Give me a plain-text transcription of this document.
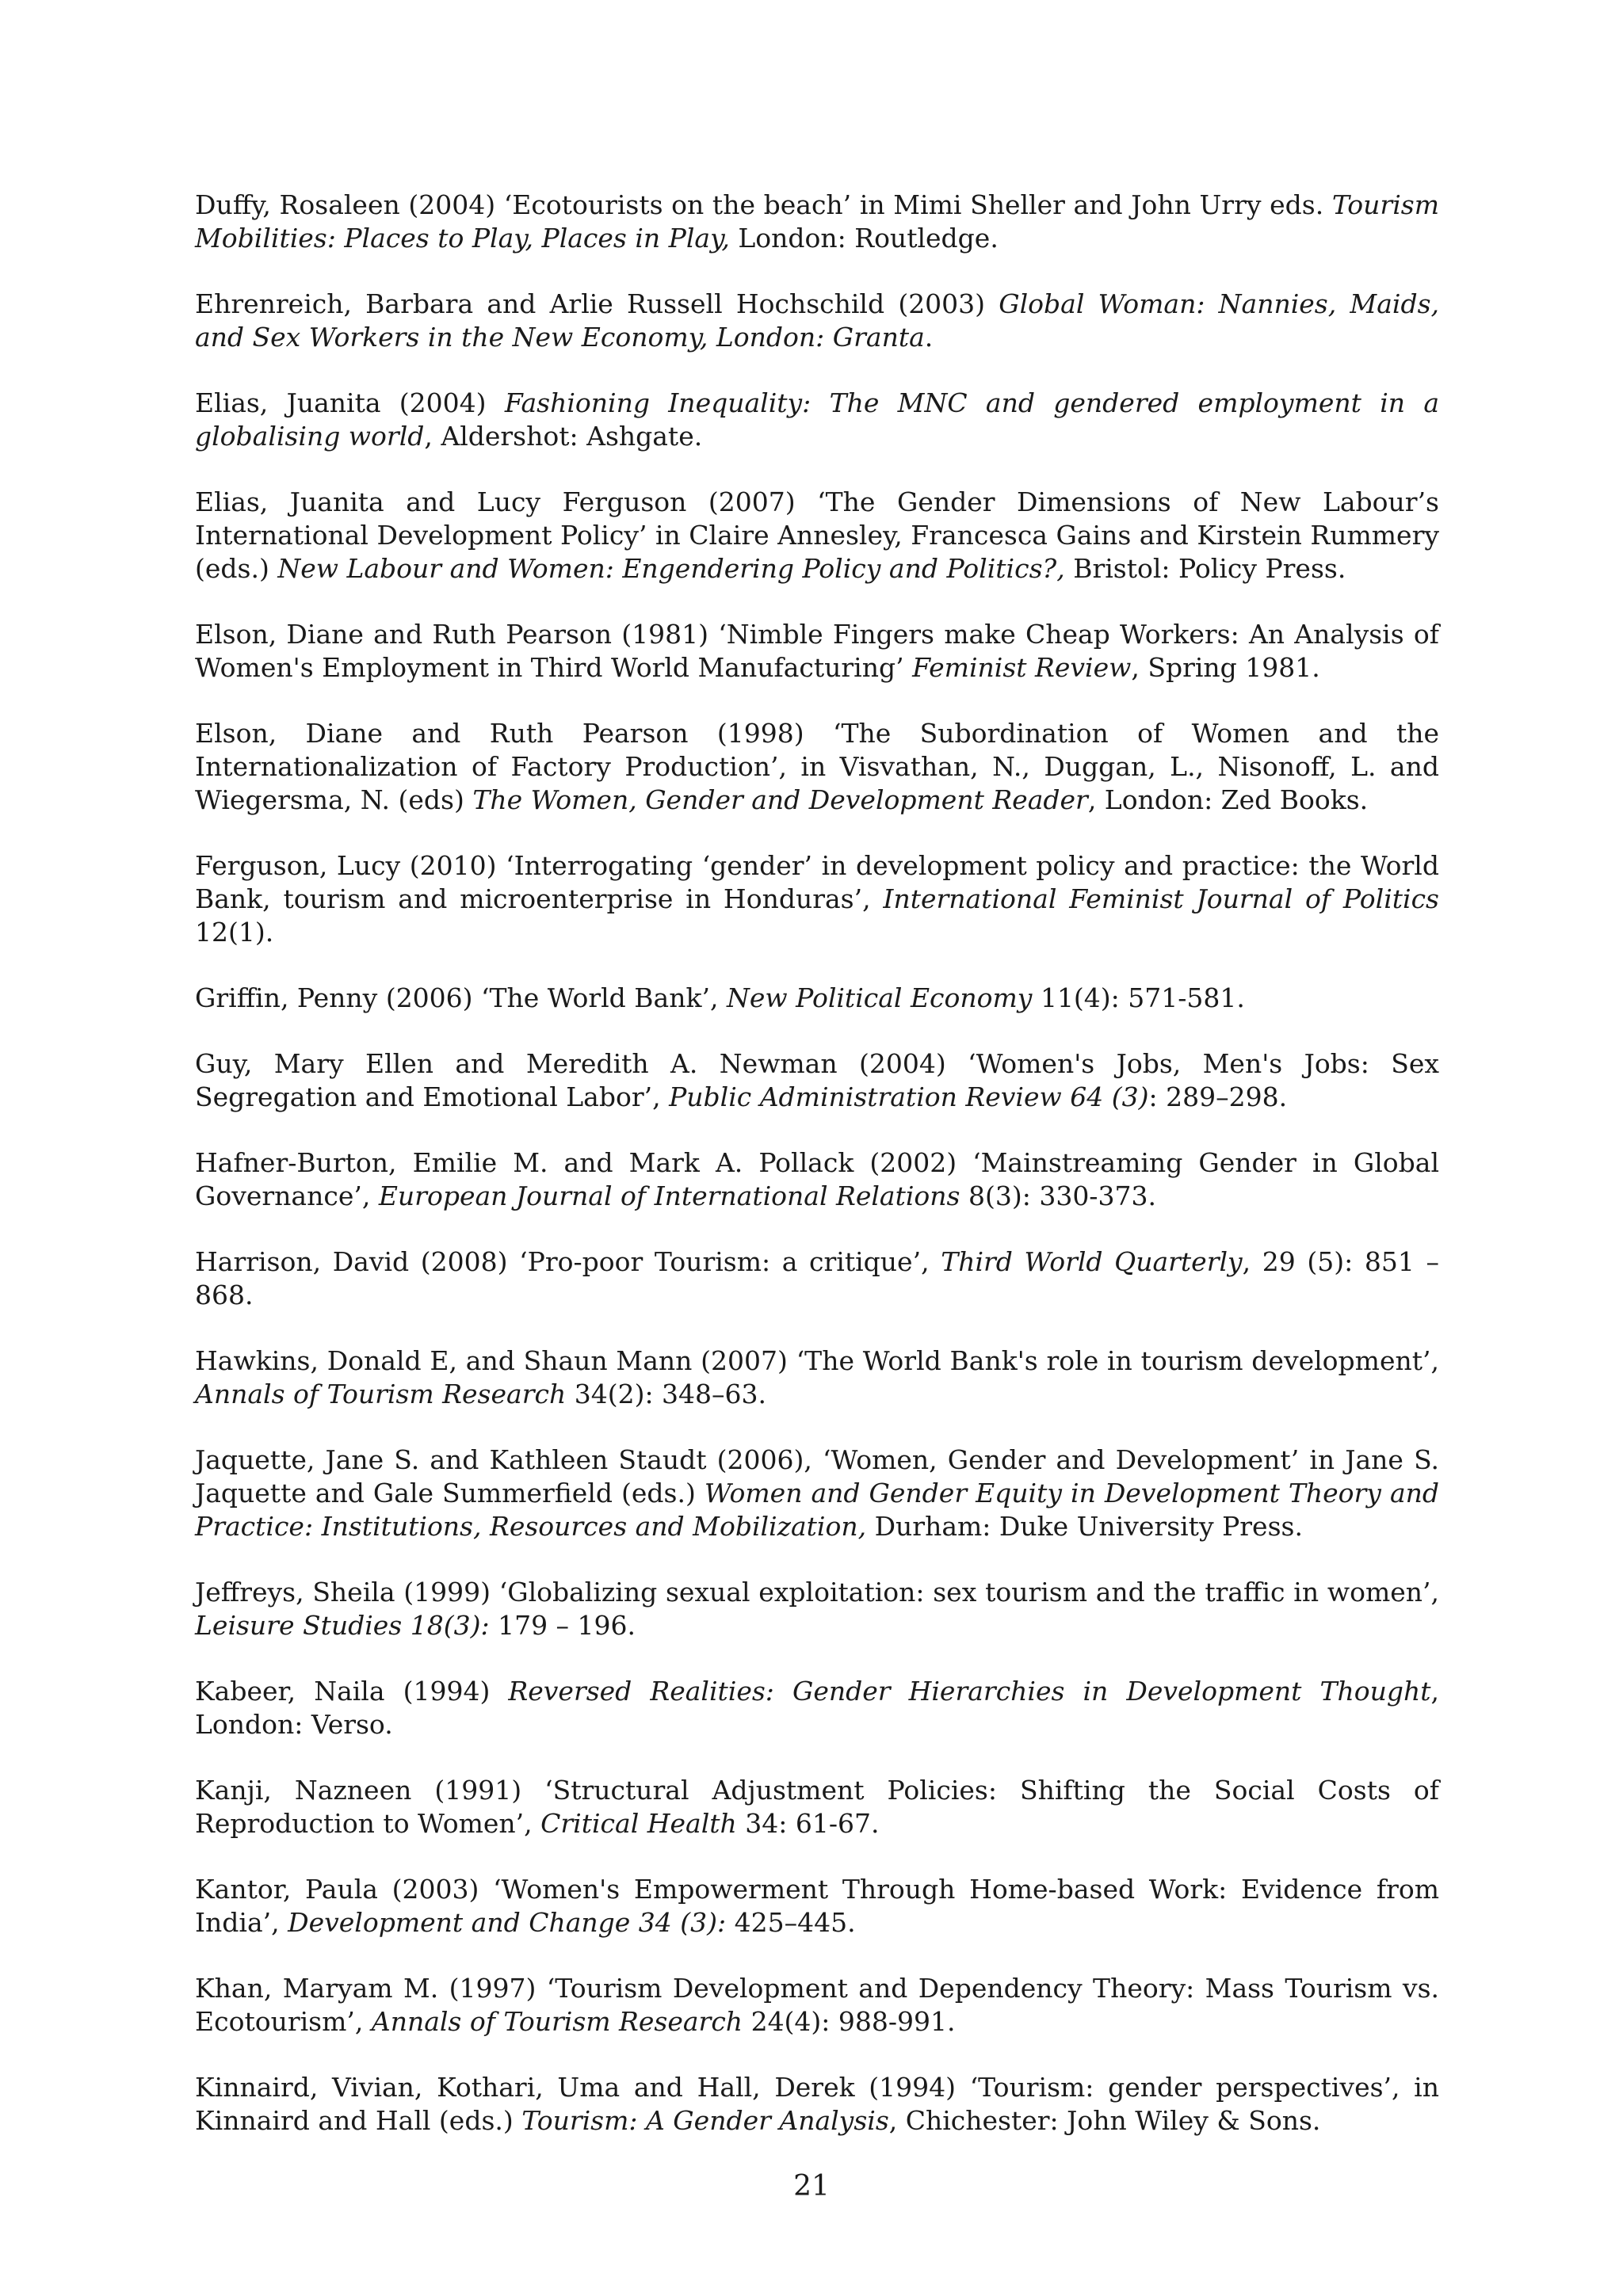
Duffy, Rosaleen (2004) ‘Ecotourists on the beach’ in Mimi Sheller and John Urry eds. Tourism Mobilities: Places to Play, Places in Play, London: Routledge.

Ehrenreich, Barbara and Arlie Russell Hochschild (2003) Global Woman: Nannies, Maids, and Sex Workers in the New Economy, London: Granta.

Elias, Juanita (2004) Fashioning Inequality: The MNC and gendered employment in a globalising world, Aldershot: Ashgate.

Elias, Juanita and Lucy Ferguson (2007) ‘The Gender Dimensions of New Labour’s International Development Policy’ in Claire Annesley, Francesca Gains and Kirstein Rummery (eds.) New Labour and Women: Engendering Policy and Politics?, Bristol: Policy Press.

Elson, Diane and Ruth Pearson (1981) ‘Nimble Fingers make Cheap Workers: An Analysis of Women's Employment in Third World Manufacturing’ Feminist Review, Spring 1981.

Elson, Diane and Ruth Pearson (1998) ‘The Subordination of Women and the Internationalization of Factory Production’, in Visvathan, N., Duggan, L., Nisonoff, L. and Wiegersma, N. (eds) The Women, Gender and Development Reader, London: Zed Books.

Ferguson, Lucy (2010) ‘Interrogating ‘gender’ in development policy and practice: the World Bank, tourism and microenterprise in Honduras’, International Feminist Journal of Politics 12(1).

Griffin, Penny (2006) ‘The World Bank’, New Political Economy 11(4): 571-581.

Guy, Mary Ellen and Meredith A. Newman (2004) ‘Women's Jobs, Men's Jobs: Sex Segregation and Emotional Labor’, Public Administration Review 64 (3): 289–298.

Hafner-Burton, Emilie M. and Mark A. Pollack (2002) ‘Mainstreaming Gender in Global Governance’, European Journal of International Relations 8(3): 330-373.

Harrison, David (2008) ‘Pro-poor Tourism: a critique’, Third World Quarterly, 29 (5): 851 – 868.

Hawkins, Donald E, and Shaun Mann (2007) ‘The World Bank's role in tourism development’, Annals of Tourism Research 34(2): 348–63.

Jaquette, Jane S. and Kathleen Staudt (2006), ‘Women, Gender and Development’ in Jane S. Jaquette and Gale Summerfield (eds.) Women and Gender Equity in Development Theory and Practice: Institutions, Resources and Mobilization, Durham: Duke University Press.

Jeffreys, Sheila (1999) ‘Globalizing sexual exploitation: sex tourism and the traffic in women’, Leisure Studies 18(3): 179 – 196.

Kabeer, Naila (1994) Reversed Realities: Gender Hierarchies in Development Thought, London: Verso.

Kanji, Nazneen (1991) ‘Structural Adjustment Policies: Shifting the Social Costs of Reproduction to Women’, Critical Health 34: 61-67.

Kantor, Paula (2003) ‘Women's Empowerment Through Home-based Work: Evidence from India’, Development and Change 34 (3): 425–445.

Khan, Maryam M. (1997) ‘Tourism Development and Dependency Theory: Mass Tourism vs. Ecotourism’, Annals of Tourism Research 24(4): 988-991.

Kinnaird, Vivian, Kothari, Uma and Hall, Derek (1994) ‘Tourism: gender perspectives’, in Kinnaird and Hall (eds.) Tourism: A Gender Analysis, Chichester: John Wiley & Sons.

21
